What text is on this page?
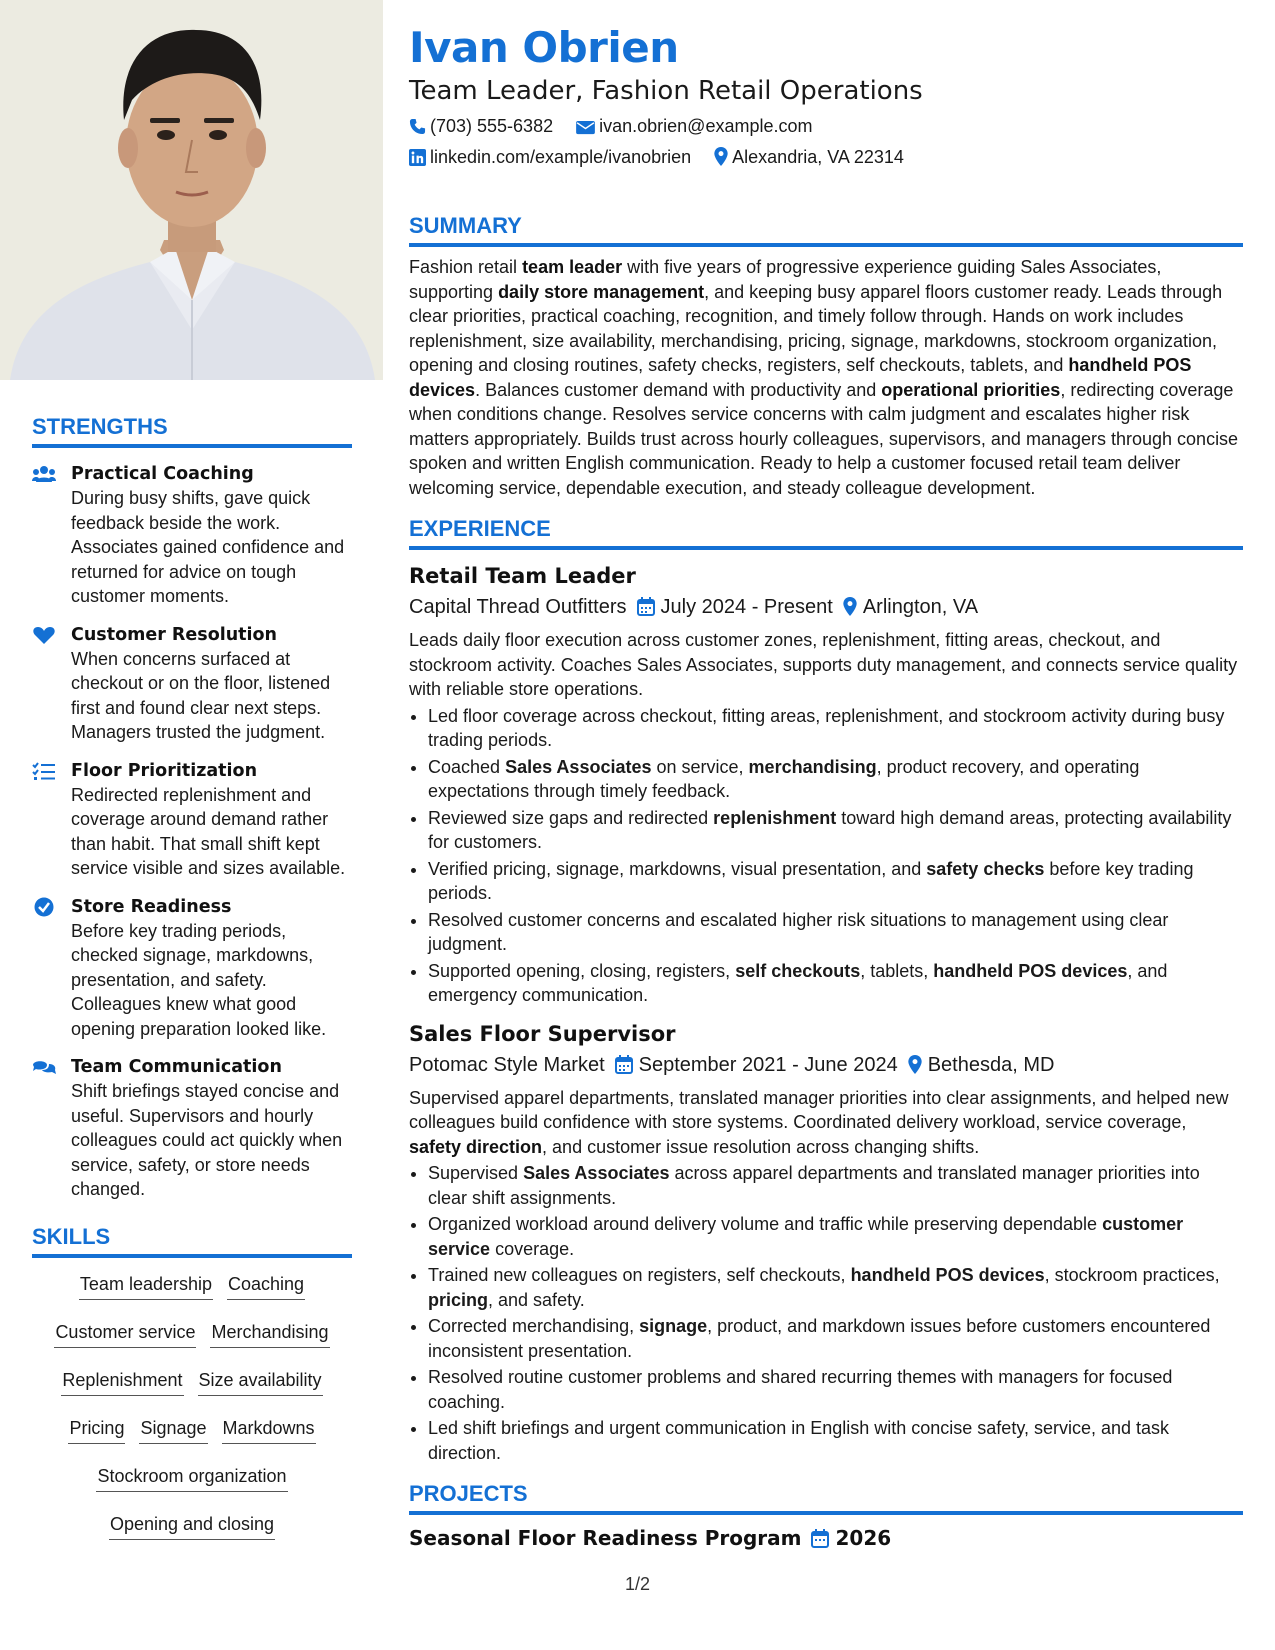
STRENGTHS
Practical Coaching
During busy shifts, gave quick feedback beside the work. Associates gained confidence and returned for advice on tough customer moments.
Customer Resolution
When concerns surfaced at checkout or on the floor, listened first and found clear next steps. Managers trusted the judgment.
Floor Prioritization
Redirected replenishment and coverage around demand rather than habit. That small shift kept service visible and sizes available.
Store Readiness
Before key trading periods, checked signage, markdowns, presentation, and safety. Colleagues knew what good opening preparation looked like.
Team Communication
Shift briefings stayed concise and useful. Supervisors and hourly colleagues could act quickly when service, safety, or store needs changed.
SKILLS
Team leadership Coaching
Customer service Merchandising
Replenishment Size availability
Pricing Signage Markdowns
Stockroom organization
Opening and closing
Ivan Obrien
Team Leader, Fashion Retail Operations
(703) 555-6382	ivan.obrien@example.com
linkedin.com/example/ivanobrien Alexandria, VA 22314
SUMMARY

Fashion retail team leader with five years of progressive experience guiding Sales Associates, supporting daily store management, and keeping busy apparel floors customer ready. Leads through clear priorities, practical coaching, recognition, and timely follow through. Hands on work includes replenishment, size availability, merchandising, pricing, signage, markdowns, stockroom organization, opening and closing routines, safety checks, registers, self checkouts, tablets, and handheld POS devices. Balances customer demand with productivity and operational priorities, redirecting coverage when conditions change. Resolves service concerns with calm judgment and escalates higher risk matters appropriately. Builds trust across hourly colleagues, supervisors, and managers through concise spoken and written English communication. Ready to help a customer focused retail team deliver welcoming service, dependable execution, and steady colleague development.

EXPERIENCE
Retail Team Leader
Capital Thread Outfitters July 2024 - Present Arlington, VA

Leads daily floor execution across customer zones, replenishment, fitting areas, checkout, and stockroom activity. Coaches Sales Associates, supports duty management, and connects service quality with reliable store operations.

• Led floor coverage across checkout, fitting areas, replenishment, and stockroom activity during busy trading periods.
• Coached Sales Associates on service, merchandising, product recovery, and operating expectations through timely feedback.
• Reviewed size gaps and redirected replenishment toward high demand areas, protecting availability for customers.
• Verified pricing, signage, markdowns, visual presentation, and safety checks before key trading periods.
• Resolved customer concerns and escalated higher risk situations to management using clear judgment.
• Supported opening, closing, registers, self checkouts, tablets, handheld POS devices, and emergency communication.
Sales Floor Supervisor
Potomac Style Market September 2021 - June 2024 Bethesda, MD

Supervised apparel departments, translated manager priorities into clear assignments, and helped new colleagues build confidence with store systems. Coordinated delivery workload, service coverage, safety direction, and customer issue resolution across changing shifts.

• Supervised Sales Associates across apparel departments and translated manager priorities into clear shift assignments.
• Organized workload around delivery volume and traffic while preserving dependable customer service coverage.
• Trained new colleagues on registers, self checkouts, handheld POS devices, stockroom practices, pricing, and safety.
• Corrected merchandising, signage, product, and markdown issues before customers encountered inconsistent presentation.
• Resolved routine customer problems and shared recurring themes with managers for focused coaching.
• Led shift briefings and urgent communication in English with concise safety, service, and task direction.
PROJECTS
Seasonal Floor Readiness Program 2026
1/2
